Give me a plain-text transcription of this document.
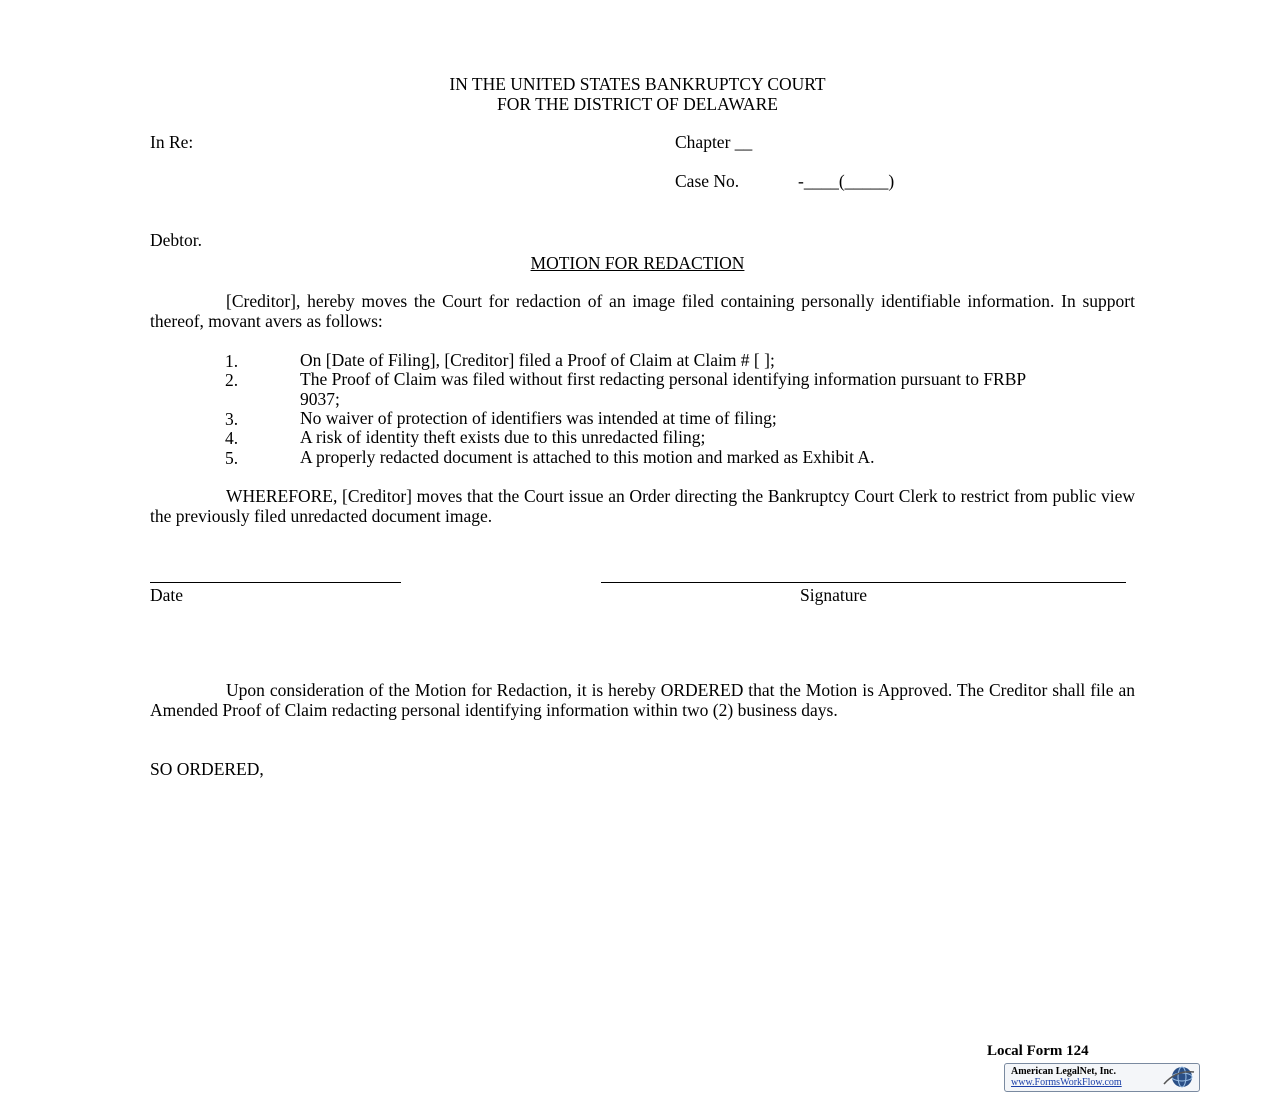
IN THE UNITED STATES BANKRUPTCY COURT
FOR THE DISTRICT OF DELAWARE
In Re:	Chapter __
Case No.	-____(_____)
Debtor.
MOTION FOR REDACTION
[Creditor], hereby moves the Court for redaction of an image filed containing personally identifiable information. In support thereof, movant avers as follows:
1.	On [Date of Filing], [Creditor] filed a Proof of Claim at Claim # [ ];
2.	The Proof of Claim was filed without first redacting personal identifying information pursuant to FRBP 9037;
3.	No waiver of protection of identifiers was intended at time of filing;
4.	A risk of identity theft exists due to this unredacted filing;
5.	A properly redacted document is attached to this motion and marked as Exhibit A.
WHEREFORE, [Creditor] moves that the Court issue an Order directing the Bankruptcy Court Clerk to restrict from public view the previously filed unredacted document image.
Date	Signature
Upon consideration of the Motion for Redaction, it is hereby ORDERED that the Motion is Approved. The Creditor shall file an Amended Proof of Claim redacting personal identifying information within two (2) business days.
SO ORDERED,
Local Form 124
American LegalNet, Inc.
www.FormsWorkFlow.com
